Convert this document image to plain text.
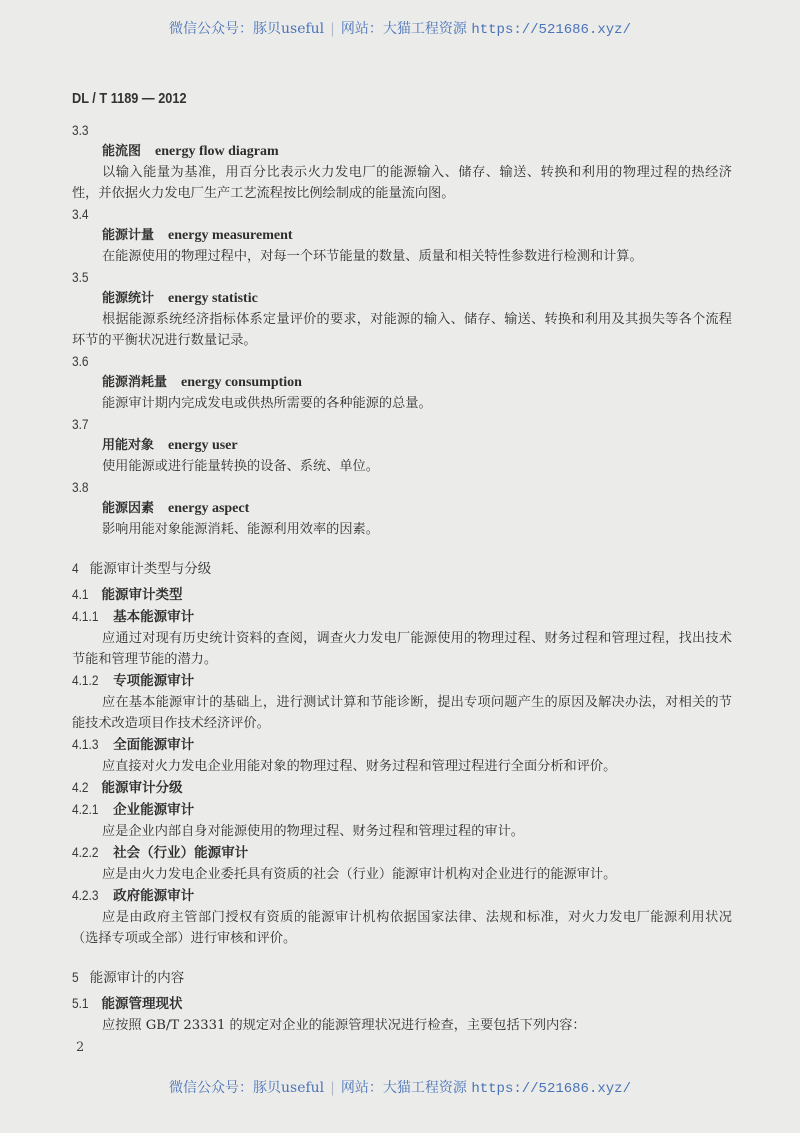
微信公众号：豚贝useful | 网站：大猫工程资源 https://521686.xyz/
DL / T 1189 — 2012
3.3
能流图 energy flow diagram
以输入能量为基准，用百分比表示火力发电厂的能源输入、储存、输送、转换和利用的物理过程的热经济性，并依据火力发电厂生产工艺流程按比例绘制成的能量流向图。
3.4
能源计量 energy measurement
在能源使用的物理过程中，对每一个环节能量的数量、质量和相关特性参数进行检测和计算。
3.5
能源统计 energy statistic
根据能源系统经济指标体系定量评价的要求，对能源的输入、储存、输送、转换和利用及其损失等各个流程环节的平衡状况进行数量记录。
3.6
能源消耗量 energy consumption
能源审计期内完成发电或供热所需要的各种能源的总量。
3.7
用能对象 energy user
使用能源或进行能量转换的设备、系统、单位。
3.8
能源因素 energy aspect
影响用能对象能源消耗、能源利用效率的因素。
4 能源审计类型与分级
4.1 能源审计类型
4.1.1 基本能源审计
应通过对现有历史统计资料的查阅，调查火力发电厂能源使用的物理过程、财务过程和管理过程，找出技术节能和管理节能的潜力。
4.1.2 专项能源审计
应在基本能源审计的基础上，进行测试计算和节能诊断，提出专项问题产生的原因及解决办法，对相关的节能技术改造项目作技术经济评价。
4.1.3 全面能源审计
应直接对火力发电企业用能对象的物理过程、财务过程和管理过程进行全面分析和评价。
4.2 能源审计分级
4.2.1 企业能源审计
应是企业内部自身对能源使用的物理过程、财务过程和管理过程的审计。
4.2.2 社会（行业）能源审计
应是由火力发电企业委托具有资质的社会（行业）能源审计机构对企业进行的能源审计。
4.2.3 政府能源审计
应是由政府主管部门授权有资质的能源审计机构依据国家法律、法规和标准，对火力发电厂能源利用状况（选择专项或全部）进行审核和评价。
5 能源审计的内容
5.1 能源管理现状
应按照 GB/T 23331 的规定对企业的能源管理状况进行检查，主要包括下列内容：
2
微信公众号：豚贝useful | 网站：大猫工程资源 https://521686.xyz/
